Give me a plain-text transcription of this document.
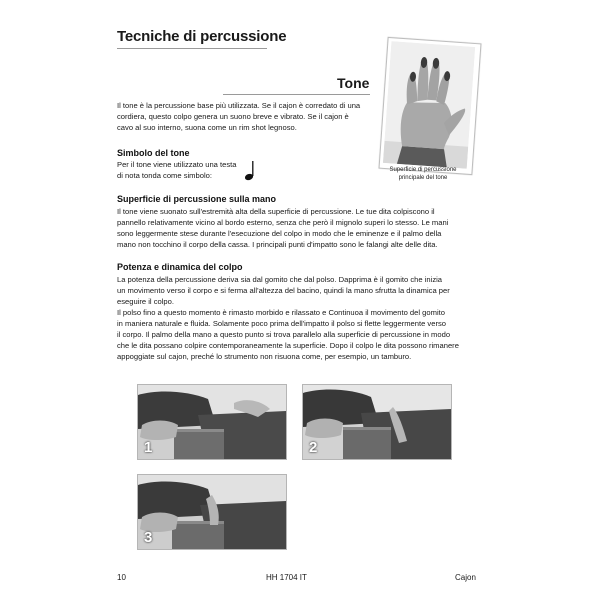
Tecniche di percussione
Superficie di percussione
principale del tone
Tone

Il tone è la percussione base più utilizzata. Se il cajon è corredato di una
cordiera, questo colpo genera un suono breve e vibrato. Se il cajon è
cavo al suo interno, suona come un rim shot legnoso.

Simbolo del tone

Per il tone viene utilizzato una testa
di nota tonda come simbolo:

Superficie di percussione sulla mano

Il tone viene suonato sull'estremità alta della superficie di percussione. Le tue dita colpiscono il
pannello relativamente vicino al bordo esterno, senza che però il mignolo superi lo stesso. Le mani
sono leggermente stese durante l'esecuzione del colpo in modo che le eminenze e il palmo della
mano non tocchino il corpo della cassa. I principali punti d'impatto sono le falangi alte delle dita.

Potenza e dinamica del colpo

La potenza della percussione deriva sia dal gomito che dal polso. Dapprima è il gomito che inizia
un movimento verso il corpo e si ferma all'altezza del bacino, quindi la mano sfrutta la dinamica per
eseguire il colpo.
Il polso fino a questo momento è rimasto morbido e rilassato e Continuoa il movimento del gomito
in maniera naturale e fluida. Solamente poco prima dell'impatto il polso si flette leggermente verso
il corpo. Il palmo della mano a questo punto si trova parallelo alla superficie di percussione in modo
che le dita possano colpire contemporaneamente la superficie. Dopo il colpo le dita possono rimanere
appoggiate sul cajon, preché lo strumento non risuona come, per esempio, un tamburo.

1	2
3
10	HH 1704 IT	Cajon
